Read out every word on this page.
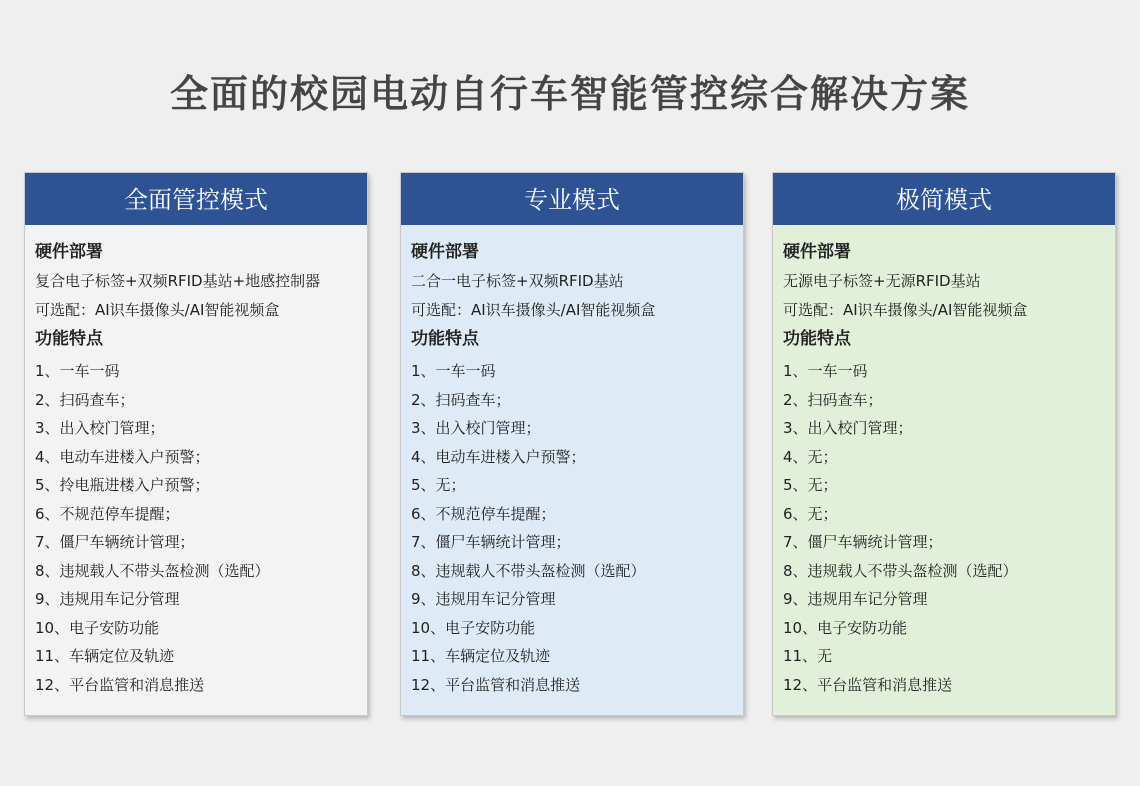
全面的校园电动自行车智能管控综合解决方案
全面管控模式
硬件部署
复合电子标签+双频RFID基站+地感控制器
可选配：AI识车摄像头/AI智能视频盒
功能特点
1、一车一码
2、扫码查车；
3、出入校门管理；
4、电动车进楼入户预警；
5、拎电瓶进楼入户预警；
6、不规范停车提醒；
7、僵尸车辆统计管理；
8、违规载人不带头盔检测（选配）
9、违规用车记分管理
10、电子安防功能
11、车辆定位及轨迹
12、平台监管和消息推送
专业模式
硬件部署
二合一电子标签+双频RFID基站
可选配：AI识车摄像头/AI智能视频盒
功能特点
1、一车一码
2、扫码查车；
3、出入校门管理；
4、电动车进楼入户预警；
5、无；
6、不规范停车提醒；
7、僵尸车辆统计管理；
8、违规载人不带头盔检测（选配）
9、违规用车记分管理
10、电子安防功能
11、车辆定位及轨迹
12、平台监管和消息推送
极简模式
硬件部署
无源电子标签+无源RFID基站
可选配：AI识车摄像头/AI智能视频盒
功能特点
1、一车一码
2、扫码查车；
3、出入校门管理；
4、无；
5、无；
6、无；
7、僵尸车辆统计管理；
8、违规载人不带头盔检测（选配）
9、违规用车记分管理
10、电子安防功能
11、无
12、平台监管和消息推送
